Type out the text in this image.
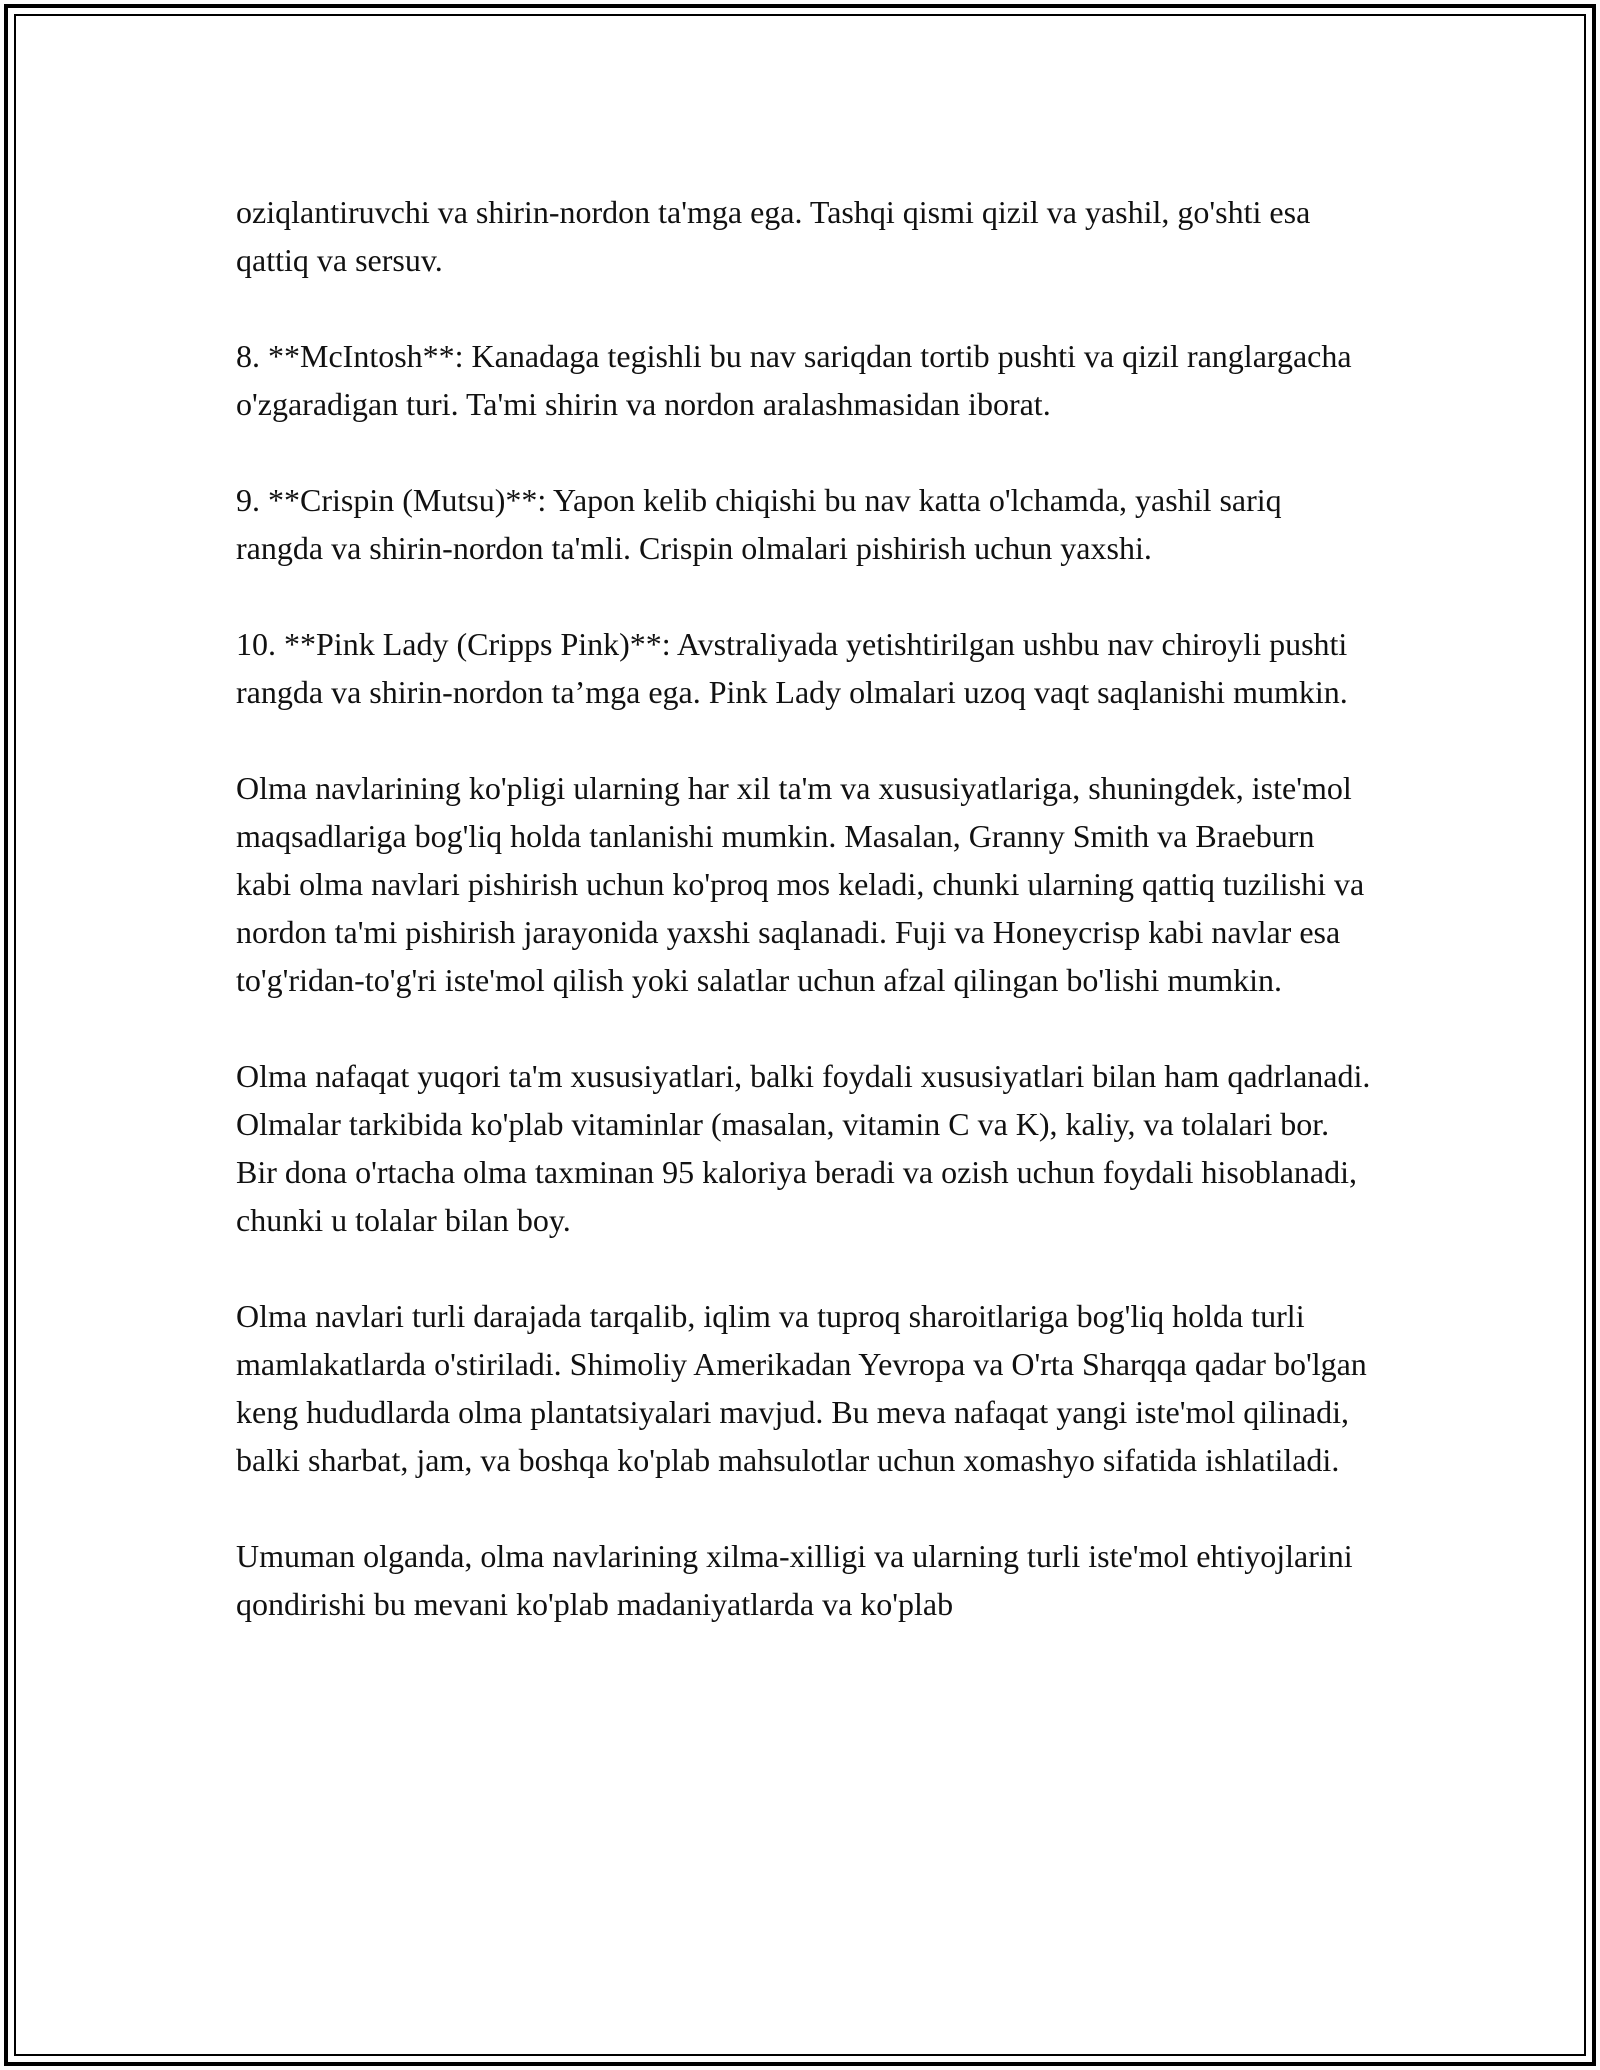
oziqlantiruvchi va shirin-nordon ta'mga ega. Tashqi qismi qizil va yashil, go'shti esa qattiq va sersuv.

8. **McIntosh**: Kanadaga tegishli bu nav sariqdan tortib pushti va qizil ranglargacha o'zgaradigan turi. Ta'mi shirin va nordon aralashmasidan iborat.

9. **Crispin (Mutsu)**: Yapon kelib chiqishi bu nav katta o'lchamda, yashil sariq rangda va shirin-nordon ta'mli. Crispin olmalari pishirish uchun yaxshi.

10. **Pink Lady (Cripps Pink)**: Avstraliyada yetishtirilgan ushbu nav chiroyli pushti rangda va shirin-nordon ta’mga ega. Pink Lady olmalari uzoq vaqt saqlanishi mumkin.

Olma navlarining ko'pligi ularning har xil ta'm va xususiyatlariga, shuningdek, iste'mol maqsadlariga bog'liq holda tanlanishi mumkin. Masalan, Granny Smith va Braeburn kabi olma navlari pishirish uchun ko'proq mos keladi, chunki ularning qattiq tuzilishi va nordon ta'mi pishirish jarayonida yaxshi saqlanadi. Fuji va Honeycrisp kabi navlar esa to'g'ridan-to'g'ri iste'mol qilish yoki salatlar uchun afzal qilingan bo'lishi mumkin.

Olma nafaqat yuqori ta'm xususiyatlari, balki foydali xususiyatlari bilan ham qadrlanadi. Olmalar tarkibida ko'plab vitaminlar (masalan, vitamin C va K), kaliy, va tolalari bor. Bir dona o'rtacha olma taxminan 95 kaloriya beradi va ozish uchun foydali hisoblanadi, chunki u tolalar bilan boy.

Olma navlari turli darajada tarqalib, iqlim va tuproq sharoitlariga bog'liq holda turli mamlakatlarda o'stiriladi. Shimoliy Amerikadan Yevropa va O'rta Sharqqa qadar bo'lgan keng hududlarda olma plantatsiyalari mavjud. Bu meva nafaqat yangi iste'mol qilinadi, balki sharbat, jam, va boshqa ko'plab mahsulotlar uchun xomashyo sifatida ishlatiladi.

Umuman olganda, olma navlarining xilma-xilligi va ularning turli iste'mol ehtiyojlarini qondirishi bu mevani ko'plab madaniyatlarda va ko'plab
